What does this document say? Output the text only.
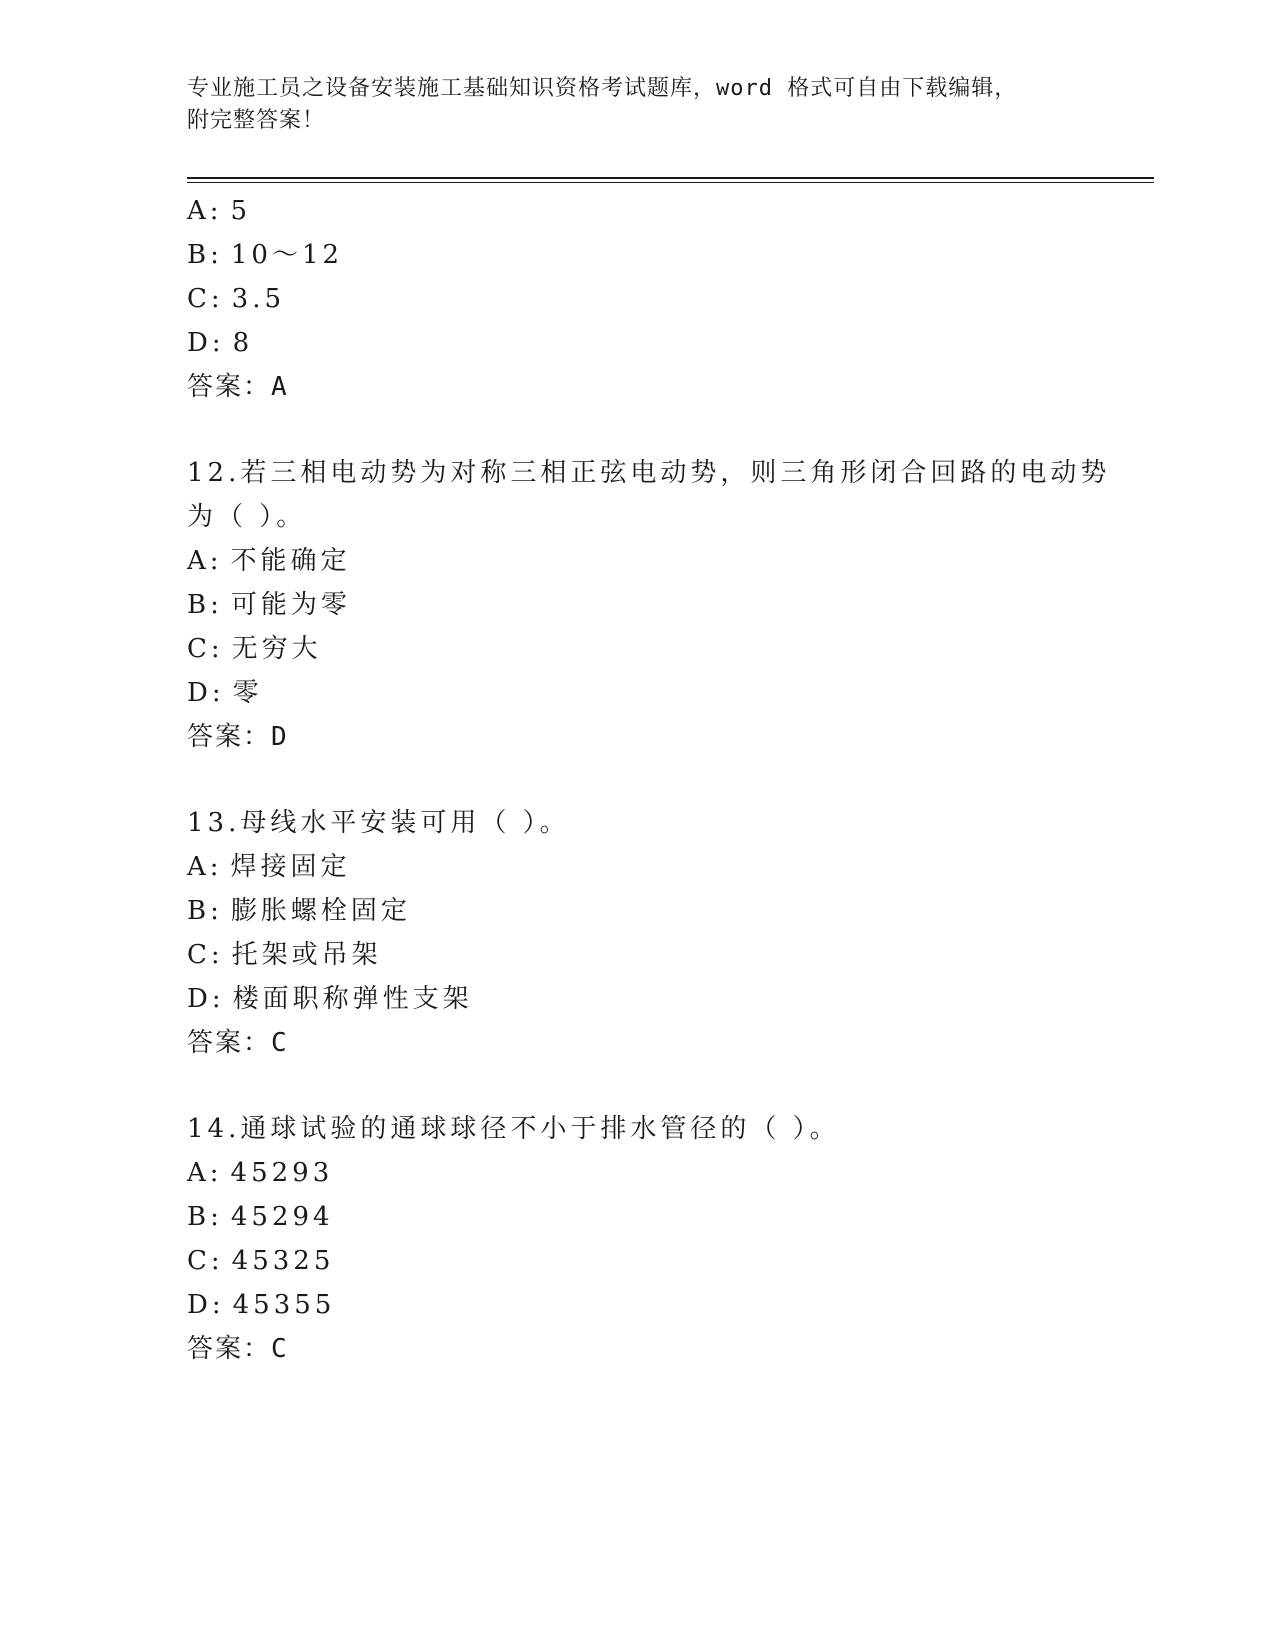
专业施工员之设备安装施工基础知识资格考试题库，word 格式可自由下载编辑，
附完整答案！
A: 5
B: 10～12
C: 3.5
D: 8
答案：A
12.若三相电动势为对称三相正弦电动势，则三角形闭合回路的电动势
为（ ）。
A: 不能确定
B: 可能为零
C: 无穷大
D: 零
答案：D
13.母线水平安装可用（ ）。
A: 焊接固定
B: 膨胀螺栓固定
C: 托架或吊架
D: 楼面职称弹性支架
答案：C
14.通球试验的通球球径不小于排水管径的（ ）。
A: 45293
B: 45294
C: 45325
D: 45355
答案：C
